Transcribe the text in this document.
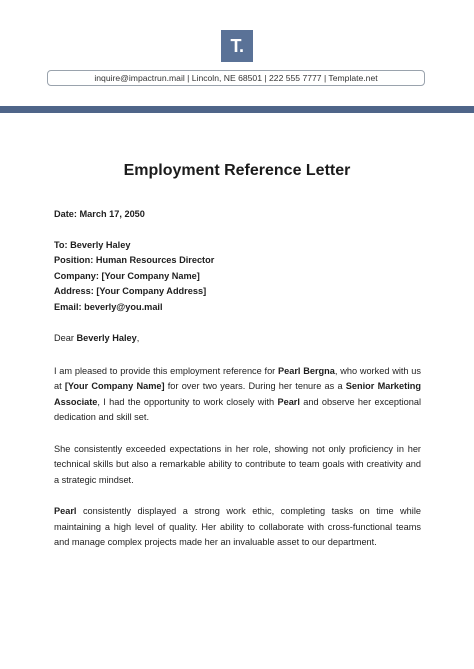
T.
inquire@impactrun.mail | Lincoln, NE 68501 | 222 555 7777 | Template.net
Employment Reference Letter

Date: March 17, 2050

To: Beverly Haley

Position: Human Resources Director

Company: [Your Company Name]

Address: [Your Company Address]

Email: beverly@you.mail

Dear Beverly Haley,

I am pleased to provide this employment reference for Pearl Bergna, who worked with us at [Your Company Name] for over two years. During her tenure as a Senior Marketing Associate, I had the opportunity to work closely with Pearl and observe her exceptional dedication and skill set.

She consistently exceeded expectations in her role, showing not only proficiency in her technical skills but also a remarkable ability to contribute to team goals with creativity and a strategic mindset.

Pearl consistently displayed a strong work ethic, completing tasks on time while maintaining a high level of quality. Her ability to collaborate with cross-functional teams and manage complex projects made her an invaluable asset to our department.
